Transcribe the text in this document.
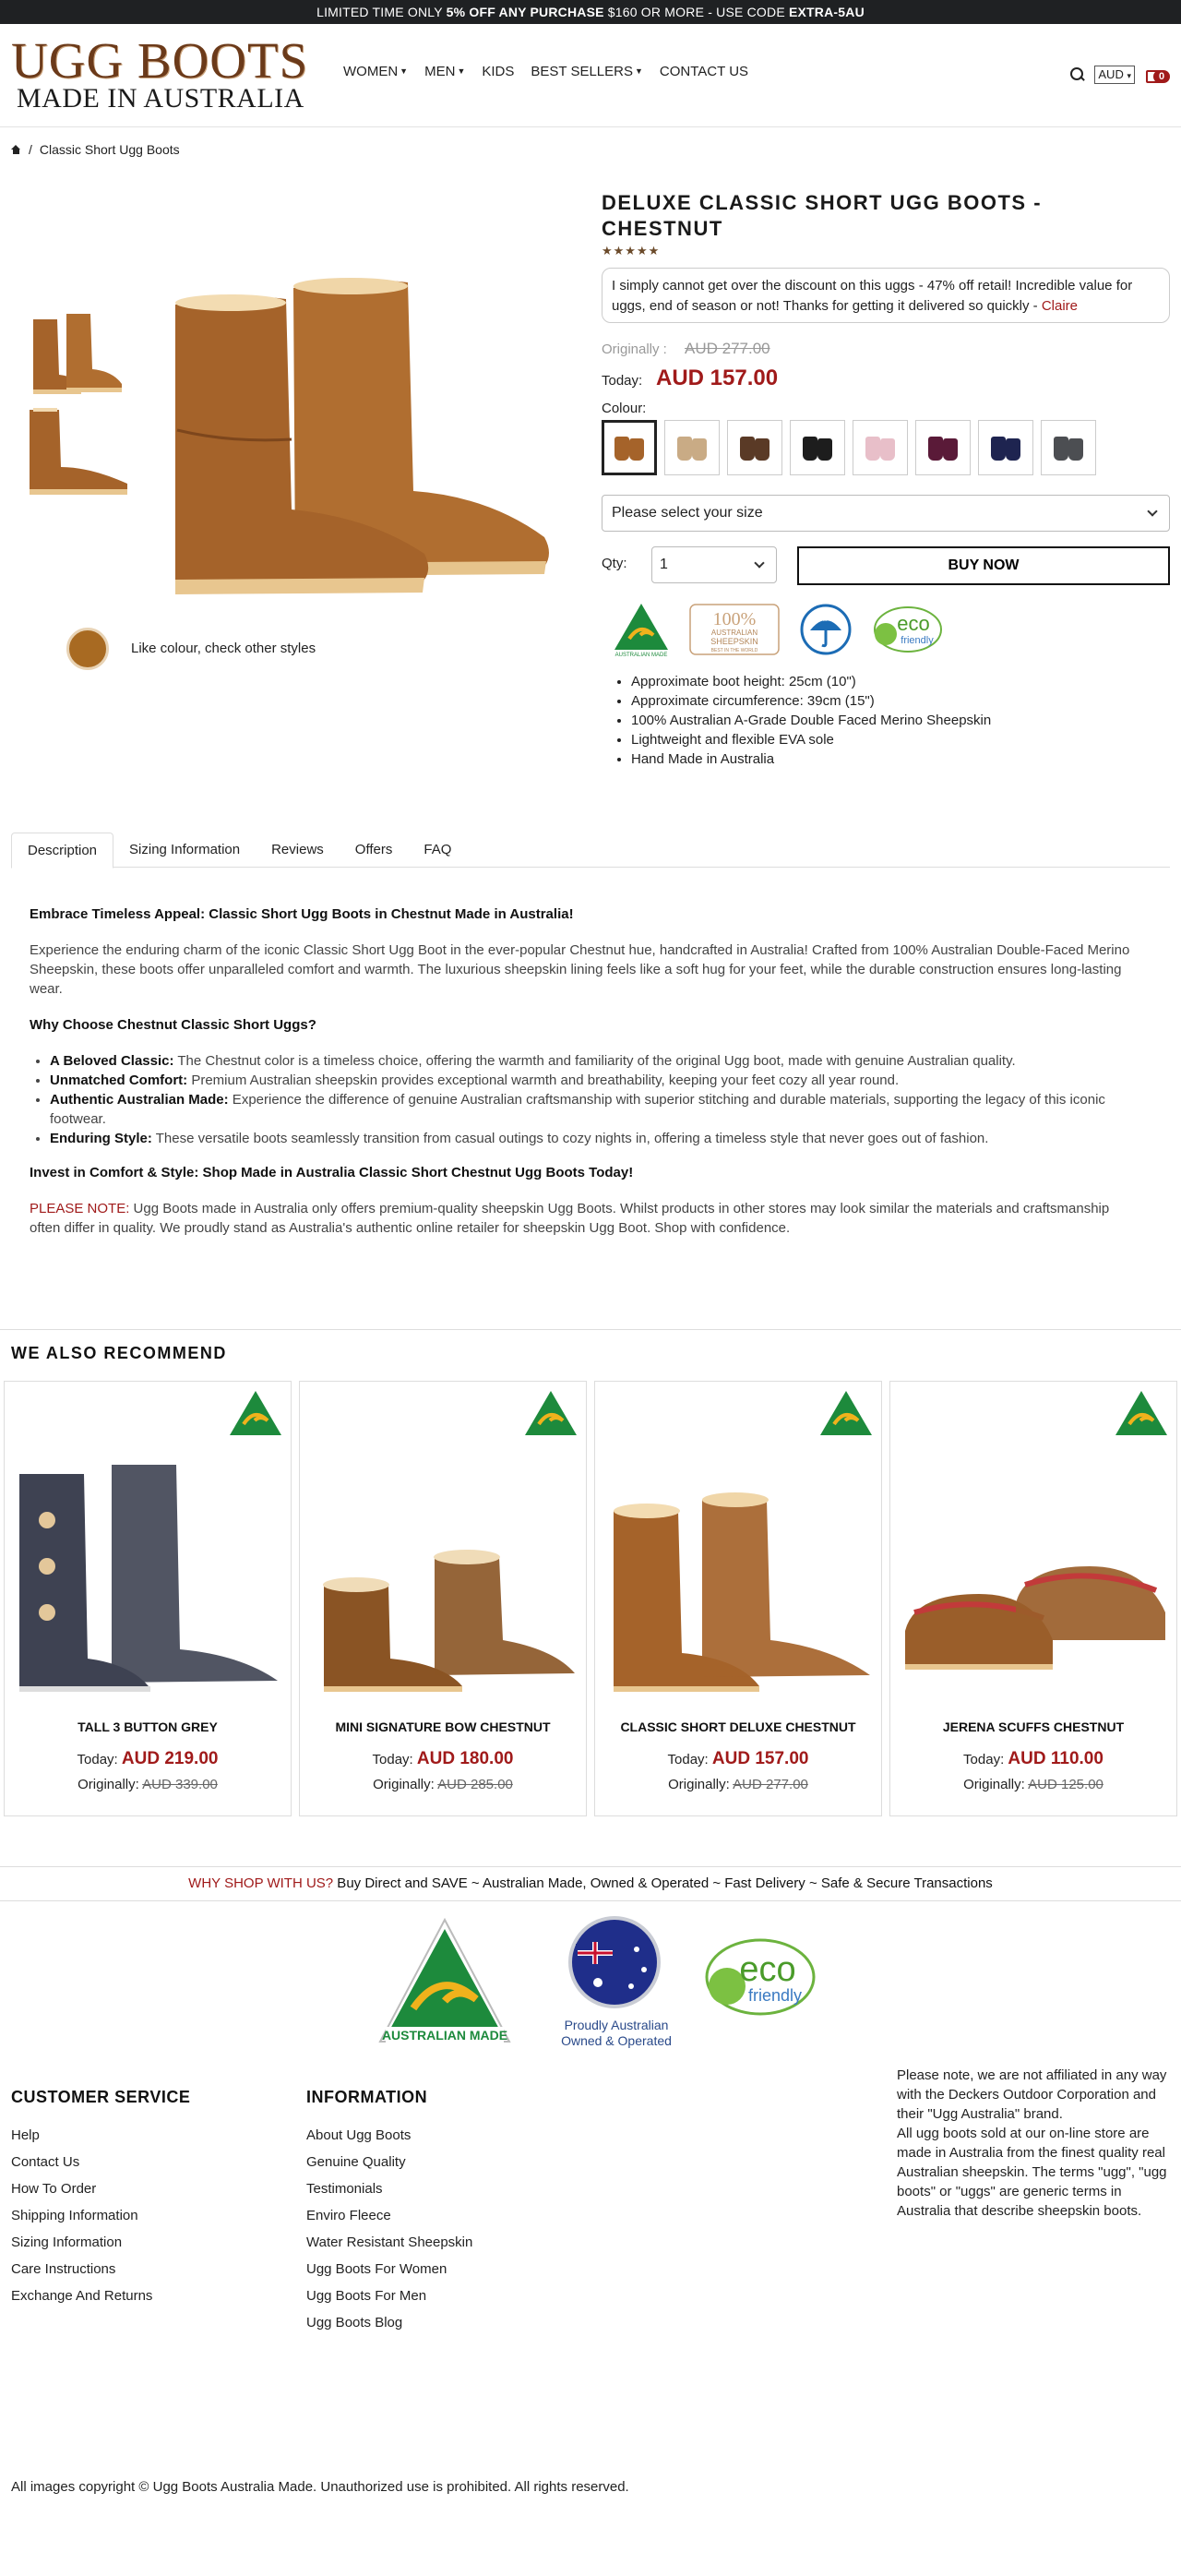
LIMITED TIME ONLY 5% OFF ANY PURCHASE $160 OR MORE - USE CODE EXTRA-5AU
UGG BOOTS
MADE IN AUSTRALIA
WOMEN ▼ MEN ▼ KIDS BEST SELLERS ▼ CONTACT US	AUD ▾	0
/ Classic Short Ugg Boots
Like colour, check other styles
DELUXE CLASSIC SHORT UGG BOOTS - CHESTNUT
★★★★★
I simply cannot get over the discount on this uggs - 47% off retail! Incredible value for uggs, end of season or not! Thanks for getting it delivered so quickly - Claire
Originally : AUD 277.00
Today: AUD 157.00
Colour:
Please select your size
Qty:	1	BUY NOW
AUSTRALIAN MADE
100%
AUSTRALIAN
SHEEPSKIN
BEST IN THE WORLD
AQUASHIELD	eco
friendly
• Approximate boot height: 25cm (10")
• Approximate circumference: 39cm (15")
• 100% Australian A-Grade Double Faced Merino Sheepskin
• Lightweight and flexible EVA sole
• Hand Made in Australia
Description	Sizing Information	Reviews	Offers	FAQ
Embrace Timeless Appeal: Classic Short Ugg Boots in Chestnut Made in Australia!

Experience the enduring charm of the iconic Classic Short Ugg Boot in the ever-popular Chestnut hue, handcrafted in Australia! Crafted from 100% Australian Double-Faced Merino Sheepskin, these boots offer unparalleled comfort and warmth. The luxurious sheepskin lining feels like a soft hug for your feet, while the durable construction ensures long-lasting wear.

Why Choose Chestnut Classic Short Uggs?
• A Beloved Classic: The Chestnut color is a timeless choice, offering the warmth and familiarity of the original Ugg boot, made with genuine Australian quality.
• Unmatched Comfort: Premium Australian sheepskin provides exceptional warmth and breathability, keeping your feet cozy all year round.
• Authentic Australian Made: Experience the difference of genuine Australian craftsmanship with superior stitching and durable materials, supporting the legacy of this iconic footwear.
• Enduring Style: These versatile boots seamlessly transition from casual outings to cozy nights in, offering a timeless style that never goes out of fashion.
Invest in Comfort & Style: Shop Made in Australia Classic Short Chestnut Ugg Boots Today!

PLEASE NOTE: Ugg Boots made in Australia only offers premium-quality sheepskin Ugg Boots. Whilst products in other stores may look similar the materials and craftsmanship often differ in quality. We proudly stand as Australia's authentic online retailer for sheepskin Ugg Boot. Shop with confidence.

WE ALSO RECOMMEND
TALL 3 BUTTON GREY
Today: AUD 219.00
Originally: AUD 339.00
MINI SIGNATURE BOW CHESTNUT
Today: AUD 180.00
Originally: AUD 285.00
CLASSIC SHORT DELUXE CHESTNUT
Today: AUD 157.00
Originally: AUD 277.00
JERENA SCUFFS CHESTNUT
Today: AUD 110.00
Originally: AUD 125.00
WHY SHOP WITH US? Buy Direct and SAVE ~ Australian Made, Owned & Operated ~ Fast Delivery ~ Safe & Secure Transactions
AUSTRALIAN MADE
eco
friendly
Proudly Australian Owned & Operated
CUSTOMER SERVICE
Help
Contact Us
How To Order
Shipping Information
Sizing Information
Care Instructions
Exchange And Returns
INFORMATION
About Ugg Boots
Genuine Quality
Testimonials
Enviro Fleece
Water Resistant Sheepskin
Ugg Boots For Women
Ugg Boots For Men
Ugg Boots Blog

Please note, we are not affiliated in any way with the Deckers Outdoor Corporation and their "Ugg Australia" brand.

All ugg boots sold at our on-line store are made in Australia from the finest quality real Australian sheepskin. The terms "ugg", "ugg boots" or "uggs" are generic terms in Australia that describe sheepskin boots.

All images copyright © Ugg Boots Australia Made. Unauthorized use is prohibited. All rights reserved.
